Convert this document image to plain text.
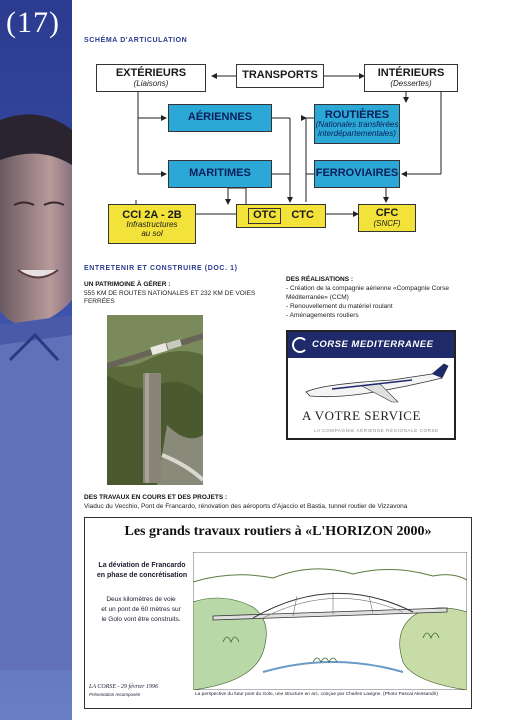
(17)
SCHÉMA D'ARTICULATION
EXTÉRIEURS
(Liaisons)
TRANSPORTS	INTÉRIEURS
(Dessertes)
AÉRIENNES	ROUTIÈRES
(Nationales transférées
interdépartementales)
MARITIMES	FERROVIAIRES
CCI 2A - 2B
Infrastructures
au sol
OTC	CTC	CFC
(SNCF)
ENTRETENIR ET CONSTRUIRE (DOC. 1)
UN PATRIMOINE À GÉRER :
555 KM DE ROUTES NATIONALES ET 232 KM DE VOIES FERRÉES
DES RÉALISATIONS :
- Création de la compagnie aérienne «Compagnie Corse
Méditerranée» (CCM)
- Renouvellement du matériel roulant
- Aménagements routiers
CORSE MEDITERRANEE
A VOTRE SERVICE
LA COMPAGNIE AÉRIENNE RÉGIONALE CORSE
DES TRAVAUX EN COURS ET DES PROJETS :
Viaduc du Vecchio, Pont de Francardo, rénovation des aéroports d'Ajaccio et Bastia, tunnel routier de Vizzavona
Les grands travaux routiers à «L'HORIZON 2000»
La déviation de Francardo
en phase de concrétisation
Deux kilomètres de voie
et un pont de 60 mètres sur
le Golo vont être construits.
LA CORSE - 29 février 1996
Présentation recomposée	La perspective du futur pont du Golo, une structure en arc, conçue par Charles Lavigne. (Photo Pascal Alessandri)
